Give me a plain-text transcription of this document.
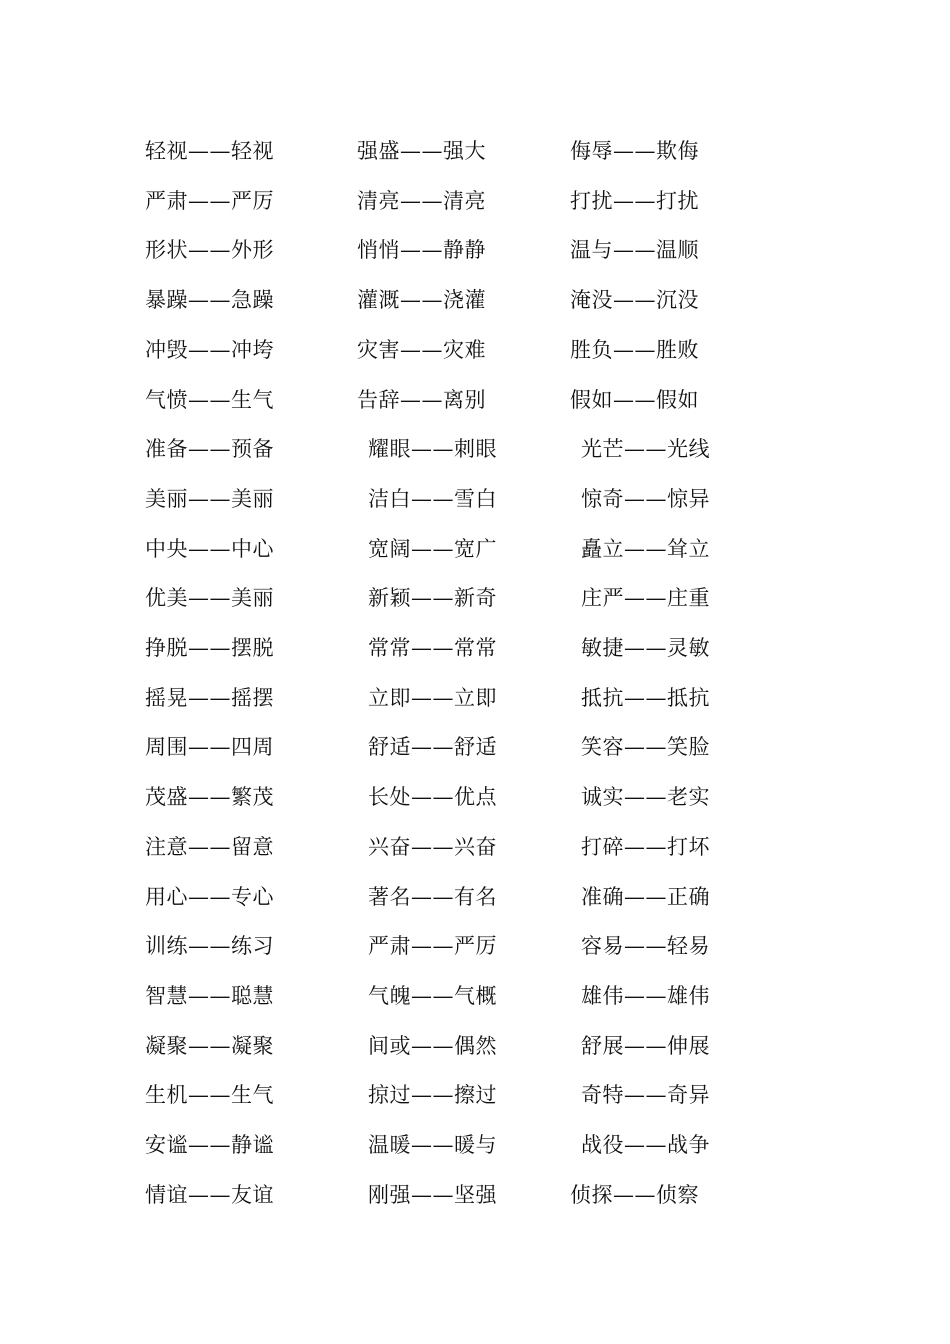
轻视——轻视	强盛——强大	侮辱——欺侮
严肃——严厉	清亮——清亮	打扰——打扰
形状——外形	悄悄——静静	温与——温顺
暴躁——急躁	灌溉——浇灌	淹没——沉没
冲毁——冲垮	灾害——灾难	胜负——胜败
气愤——生气	告辞——离别	假如——假如
准备——预备	耀眼——刺眼	光芒——光线
美丽——美丽	洁白——雪白	惊奇——惊异
中央——中心	宽阔——宽广	矗立——耸立
优美——美丽	新颖——新奇	庄严——庄重
挣脱——摆脱	常常——常常	敏捷——灵敏
摇晃——摇摆	立即——立即	抵抗——抵抗
周围——四周	舒适——舒适	笑容——笑脸
茂盛——繁茂	长处——优点	诚实——老实
注意——留意	兴奋——兴奋	打碎——打坏
用心——专心	著名——有名	准确——正确
训练——练习	严肃——严厉	容易——轻易
智慧——聪慧	气魄——气概	雄伟——雄伟
凝聚——凝聚	间或——偶然	舒展——伸展
生机——生气	掠过——擦过	奇特——奇异
安谧——静谧	温暖——暖与	战役——战争
情谊——友谊	刚强——坚强	侦探——侦察
